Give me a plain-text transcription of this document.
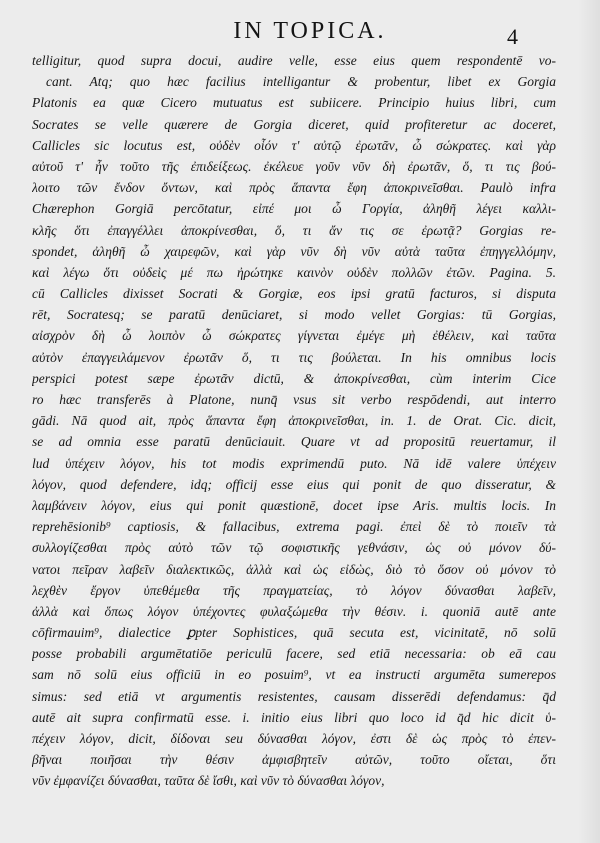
IN TOPICA.	4
telligitur, quod supra docui, audire velle, esse eius quem respondentē vo-
cant. Atq; quo hæc facilius intelligantur & probentur, libet ex Gorgia
Platonis ea quæ Cicero mutuatus est subiicere. Principio huius libri, cum
Socrates se velle quærere de Gorgia diceret, quid profiteretur ac doceret,
Callicles sic locutus est, οὐδὲν οἷόν τ' αὐτῷ ἐρωτᾶν, ὦ σώκρατες. καὶ γὰρ
αὐτοῦ τ' ἦν τοῦτο τῆς ἐπιδείξεως. ἐκέλευε γοῦν νῦν δὴ ἐρωτᾶν, ὅ, τι τις βού-
λοιτο τῶν ἔνδον ὄντων, καὶ πρὸς ἅπαντα ἔφη ἀποκρινεῖσθαι. Paulò infra
Chærephon Gorgiā percōtatur, εἰπέ μοι ὦ Γοργία, ἀληθῆ λέγει καλλι-
κλῆς ὅτι ἐπαγγέλλει ἀποκρίνεσθαι, ὅ, τι ἄν τις σε ἐρωτᾷ? Gorgias re-
spondet, ἀληθῆ ὦ χαιρεφῶν, καὶ γὰρ νῦν δὴ νῦν αὐτὰ ταῦτα ἐπηγγελλόμην,
καὶ λέγω ὅτι οὐδεὶς μέ πω ἠρώτηκε καινὸν οὐδὲν πολλῶν ἐτῶν. Pagina. 5.
cū Callicles dixisset Socrati & Gorgiæ, eos ipsi gratū facturos, si disputa
rēt, Socratesq; se paratū denūciaret, si modo vellet Gorgias: tū Gorgias,
αἰσχρὸν δὴ ὦ λοιπὸν ὦ σώκρατες γίγνεται ἐμέγε μὴ ἐθέλειν, καὶ ταῦτα
αὐτὸν ἐπαγγειλάμενον ἐρωτᾶν ὅ, τι τις βούλεται. In his omnibus locis
perspici potest sæpe ἐρωτᾶν dictū, & ἀποκρίνεσθαι, cùm interim Cice
ro hæc transferēs à Platone, nunq̄ vsus sit verbo respōdendi, aut interro
gādi. Nā quod ait, πρὸς ἅπαντα ἔφη ἀποκρινεῖσθαι, in. 1. de Orat. Cic. dicit,
se ad omnia esse paratū denūciauit. Quare vt ad propositū reuertamur, il
lud ὑπέχειν λόγον, his tot modis exprimendū puto. Nā idē valere ὑπέχειν
λόγον, quod defendere, idq; officij esse eius qui ponit de quo disseratur, &
λαμβάνειν λόγον, eius qui ponit quæstionē, docet ipse Aris. multis locis. In
reprehēsionib⁹ captiosis, & fallacibus, extrema pagi. ἐπεὶ δὲ τὸ ποιεῖν τὰ
συλλογίζεσθαι πρὸς αὐτὸ τῶν τῷ σοφιστικῆς γεθνάσιν, ὡς οὐ μόνον δύ-
νατοι πεῖραν λαβεῖν διαλεκτικῶς, ἀλλὰ καὶ ὡς εἰδὼς, διὸ τὸ ὅσον οὐ μόνον τὸ
λεχθὲν ἔργον ὑπεθέμεθα τῆς πραγματείας, τὸ λόγον δύνασθαι λαβεῖν,
ἀλλὰ καὶ ὅπως λόγον ὑπέχοντες φυλαξώμεθα τὴν θέσιν. i. quoniā autē ante
cōfirmauim⁹, dialectice ꝑpter Sophistices, quā secuta est, vicinitatē, nō solū
posse probabili argumētatiōe periculū facere, sed etiā necessaria: ob eā cau
sam nō solū eius officiū in eo posuim⁹, vt ea instructi argumēta sumerepos
simus: sed etiā vt argumentis resistentes, causam disserēdi defendamus: q̄d
autē ait supra confirmatū esse. i. initio eius libri quo loco id q̄d hic dicit ὑ-
πέχειν λόγον, dicit, δίδοναι seu δύνασθαι λόγον, ἐστι δὲ ὡς πρὸς τὸ ἐπεν-
βῆναι ποιῆσαι τὴν θέσιν ἀμφισβητεῖν αὐτῶν, τοῦτο οἴεται, ὅτι
νῦν ἐμφανίζει δύνασθαι, ταῦτα δὲ ἴσθι, καὶ νῦν τὸ δύνασθαι λόγον,
